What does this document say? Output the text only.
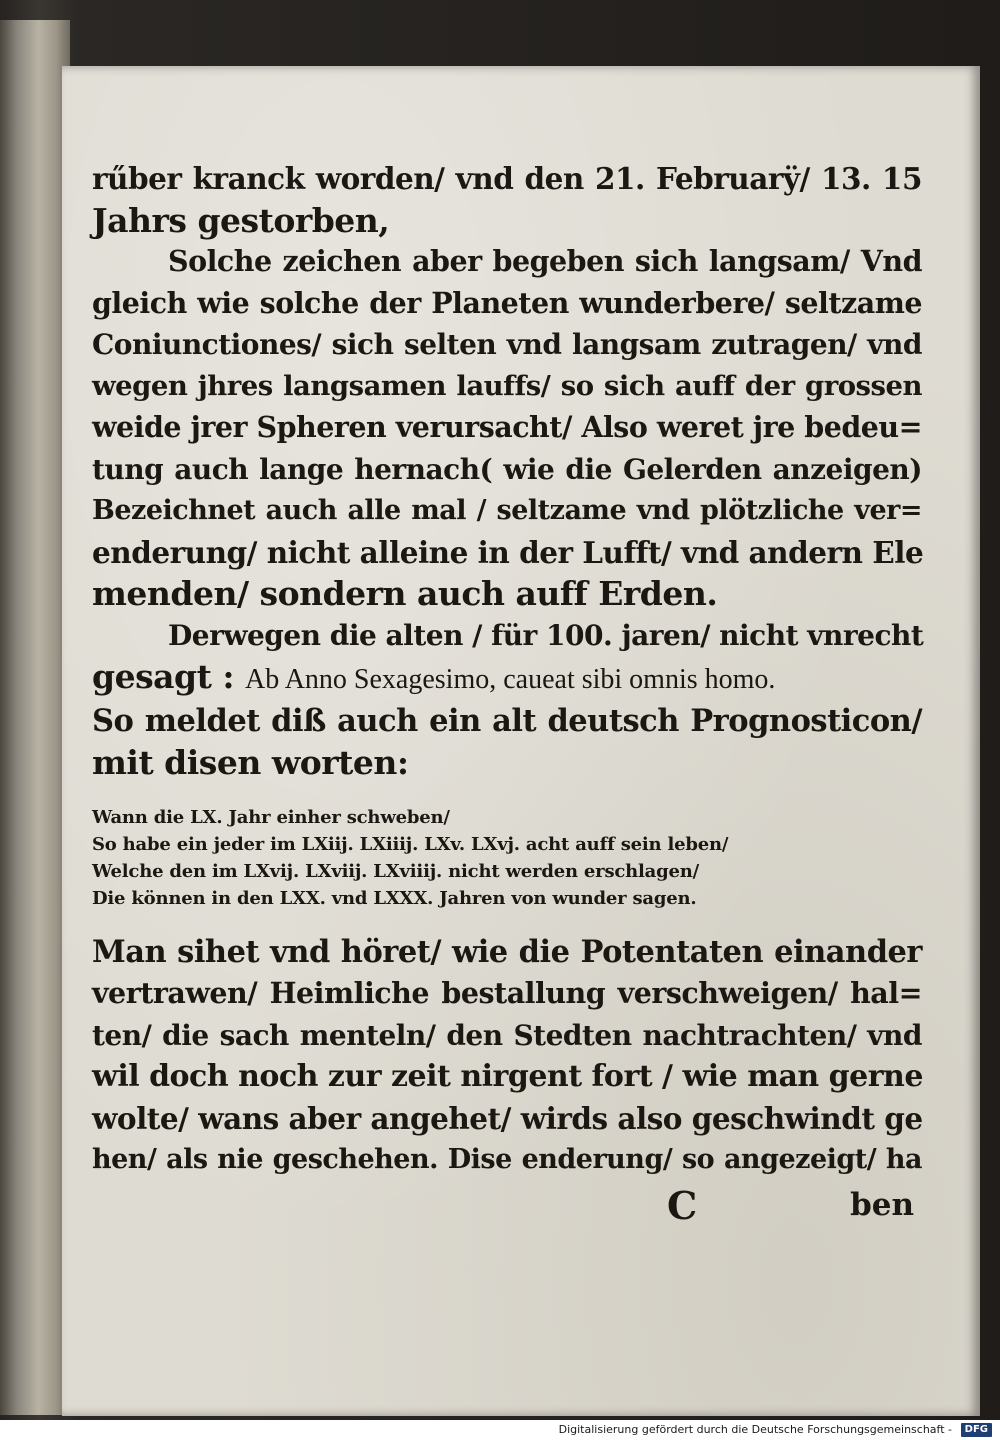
rűber kranck worden/ vnd den 21. Februarÿ/ 13. 15

Jahrs gestorben,

Solche zeichen aber begeben sich langsam/ Vnd

gleich wie solche der Planeten wunderbere/ seltzame

Coniunctiones/ sich selten vnd langsam zutragen/ vnd

wegen jhres langsamen lauffs/ so sich auff der grossen

weide jrer Spheren verursacht/ Also weret jre bedeu=

tung auch lange hernach( wie die Gelerden anzeigen)

Bezeichnet auch alle mal / seltzame vnd plötzliche ver=

enderung/ nicht alleine in der Lufft/ vnd andern Ele

menden/ sondern auch auff Erden.

Derwegen die alten / für 100. jaren/ nicht vnrecht

gesagt : Ab Anno Sexagesimo, caueat sibi omnis homo.

So meldet diß auch ein alt deutsch Prognosticon/

mit disen worten:

Wann die LX. Jahr einher schweben/

So habe ein jeder im LXiij. LXiiij. LXv. LXvj. acht auff sein leben/

Welche den im LXvij. LXviij. LXviiij. nicht werden erschlagen/

Die können in den LXX. vnd LXXX. Jahren von wunder sagen.

Man sihet vnd höret/ wie die Potentaten einander

vertrawen/ Heimliche bestallung verschweigen/ hal=

ten/ die sach menteln/ den Stedten nachtrachten/ vnd

wil doch noch zur zeit nirgent fort / wie man gerne

wolte/ wans aber angehet/ wirds also geschwindt ge

hen/ als nie geschehen. Dise enderung/ so angezeigt/ ha

C	ben
Digitalisierung gefördert durch die Deutsche Forschungsgemeinschaft -	DFG
